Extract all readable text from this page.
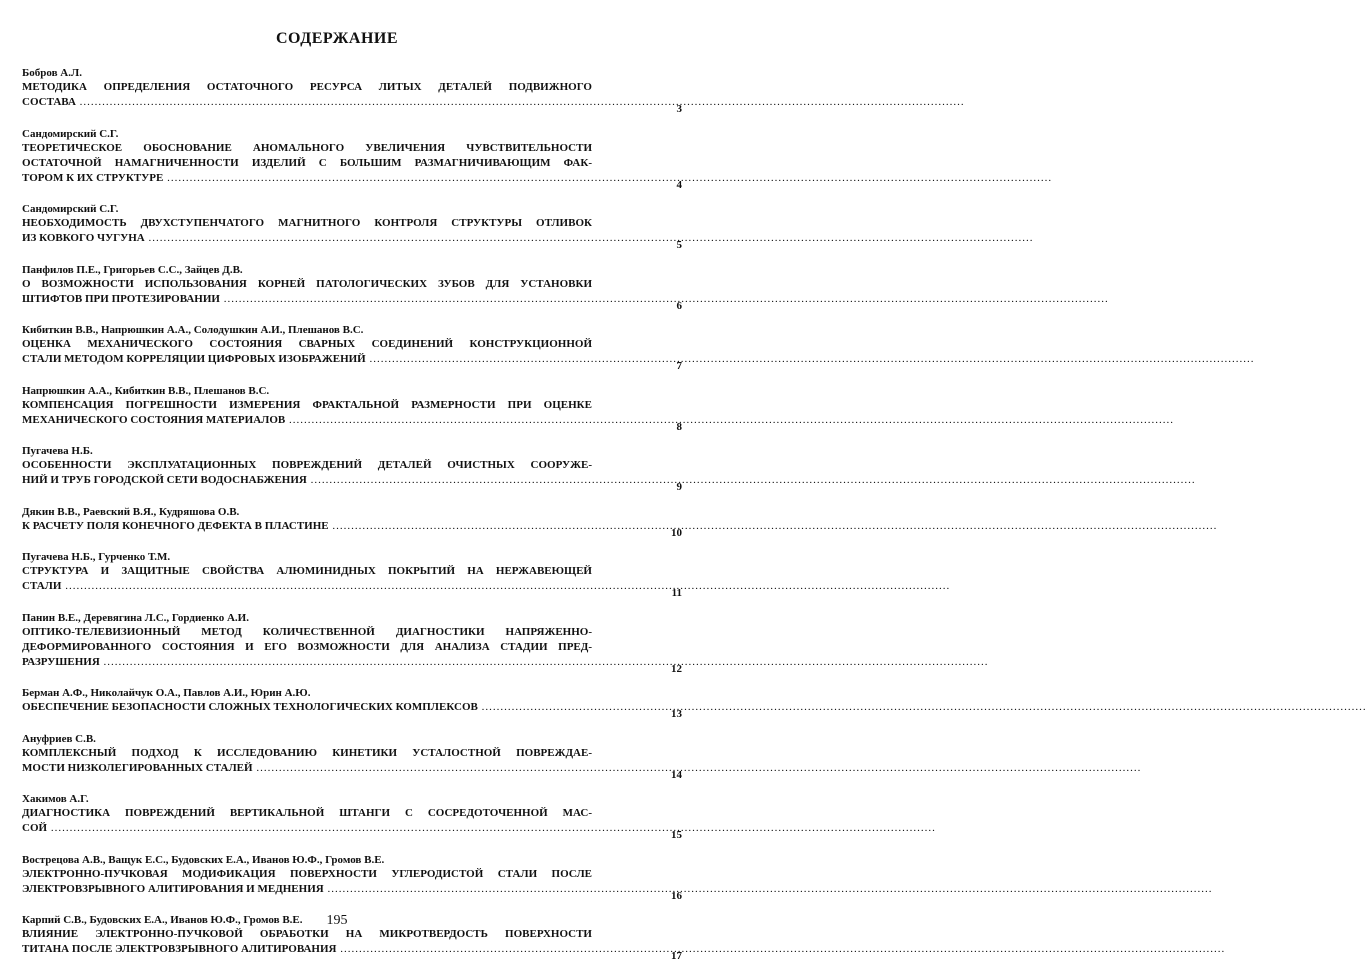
СОДЕРЖАНИЕ
Бобров А.Л.
МЕТОДИКА ОПРЕДЕЛЕНИЯ ОСТАТОЧНОГО РЕСУРСА ЛИТЫХ ДЕТАЛЕЙ ПОДВИЖНОГО
СОСТАВА .....
3
Сандомирский С.Г.
ТЕОРЕТИЧЕСКОЕ ОБОСНОВАНИЕ АНОМАЛЬНОГО УВЕЛИЧЕНИЯ ЧУВСТВИТЕЛЬНОСТИ
ОСТАТОЧНОЙ НАМАГНИЧЕННОСТИ ИЗДЕЛИЙ С БОЛЬШИМ РАЗМАГНИЧИВАЮЩИМ ФАК-
ТОРОМ К ИХ СТРУКТУРЕ .....
4
Сандомирский С.Г.
НЕОБХОДИМОСТЬ ДВУХСТУПЕНЧАТОГО МАГНИТНОГО КОНТРОЛЯ СТРУКТУРЫ ОТЛИВОК
ИЗ КОВКОГО ЧУГУНА .....
5
Панфилов П.Е., Григорьев С.С., Зайцев Д.В.
О ВОЗМОЖНОСТИ ИСПОЛЬЗОВАНИЯ КОРНЕЙ ПАТОЛОГИЧЕСКИХ ЗУБОВ ДЛЯ УСТАНОВКИ
ШТИФТОВ ПРИ ПРОТЕЗИРОВАНИИ .....
6
Кибиткин В.В., Напрюшкин А.А., Солодушкин А.И., Плешанов В.С.
ОЦЕНКА МЕХАНИЧЕСКОГО СОСТОЯНИЯ СВАРНЫХ СОЕДИНЕНИЙ КОНСТРУКЦИОННОЙ
СТАЛИ МЕТОДОМ КОРРЕЛЯЦИИ ЦИФРОВЫХ ИЗОБРАЖЕНИЙ .....
7
Напрюшкин А.А., Кибиткин В.В., Плешанов В.С.
КОМПЕНСАЦИЯ ПОГРЕШНОСТИ ИЗМЕРЕНИЯ ФРАКТАЛЬНОЙ РАЗМЕРНОСТИ ПРИ ОЦЕНКЕ
МЕХАНИЧЕСКОГО СОСТОЯНИЯ МАТЕРИАЛОВ .....
8
Пугачева Н.Б.
ОСОБЕННОСТИ ЭКСПЛУАТАЦИОННЫХ ПОВРЕЖДЕНИЙ ДЕТАЛЕЙ ОЧИСТНЫХ СООРУЖЕ-
НИЙ И ТРУБ ГОРОДСКОЙ СЕТИ ВОДОСНАБЖЕНИЯ .....
9
Дякин В.В., Раевский В.Я., Кудряшова О.В.
К РАСЧЕТУ ПОЛЯ КОНЕЧНОГО ДЕФЕКТА В ПЛАСТИНЕ .....
10
Пугачева Н.Б., Гурченко Т.М.
СТРУКТУРА И ЗАЩИТНЫЕ СВОЙСТВА АЛЮМИНИДНЫХ ПОКРЫТИЙ НА НЕРЖАВЕЮЩЕЙ
СТАЛИ .....
11
Панин В.Е., Деревягина Л.С., Гордиенко А.И.
ОПТИКО-ТЕЛЕВИЗИОННЫЙ МЕТОД КОЛИЧЕСТВЕННОЙ ДИАГНОСТИКИ НАПРЯЖЕННО-
ДЕФОРМИРОВАННОГО СОСТОЯНИЯ И ЕГО ВОЗМОЖНОСТИ ДЛЯ АНАЛИЗА СТАДИИ ПРЕД-
РАЗРУШЕНИЯ .....
12
Берман А.Ф., Николайчук О.А., Павлов А.И., Юрин А.Ю.
ОБЕСПЕЧЕНИЕ БЕЗОПАСНОСТИ СЛОЖНЫХ ТЕХНОЛОГИЧЕСКИХ КОМПЛЕКСОВ .....
13
Ануфриев С.В.
КОМПЛЕКСНЫЙ ПОДХОД К ИССЛЕДОВАНИЮ КИНЕТИКИ УСТАЛОСТНОЙ ПОВРЕЖДАЕ-
МОСТИ НИЗКОЛЕГИРОВАННЫХ СТАЛЕЙ .....
14
Хакимов А.Г.
ДИАГНОСТИКА ПОВРЕЖДЕНИЙ ВЕРТИКАЛЬНОЙ ШТАНГИ С СОСРЕДОТОЧЕННОЙ МАС-
СОЙ .....
15
Вострецова А.В., Ващук Е.С., Будовских Е.А., Иванов Ю.Ф., Громов В.Е.
ЭЛЕКТРОННО-ПУЧКОВАЯ МОДИФИКАЦИЯ ПОВЕРХНОСТИ УГЛЕРОДИСТОЙ СТАЛИ ПОСЛЕ
ЭЛЕКТРОВЗРЫВНОГО АЛИТИРОВАНИЯ И МЕДНЕНИЯ .....
16
Карпий С.В., Будовских Е.А., Иванов Ю.Ф., Громов В.Е.
ВЛИЯНИЕ ЭЛЕКТРОННО-ПУЧКОВОЙ ОБРАБОТКИ НА МИКРОТВЕРДОСТЬ ПОВЕРХНОСТИ
ТИТАНА ПОСЛЕ ЭЛЕКТРОВЗРЫВНОГО АЛИТИРОВАНИЯ .....
17
195
